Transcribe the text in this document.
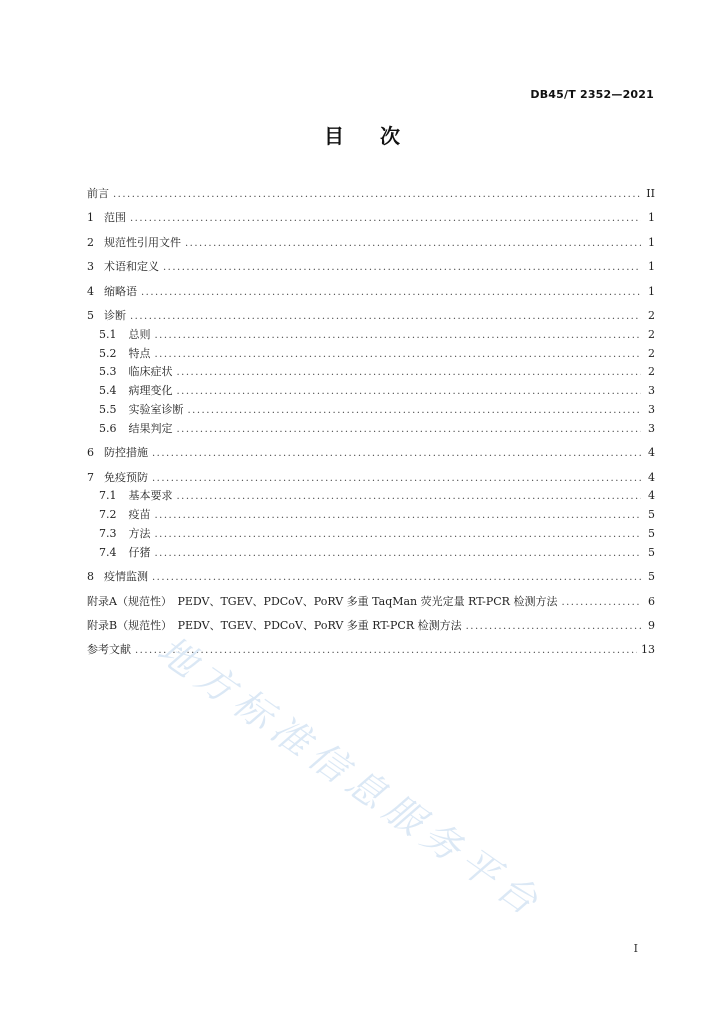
DB45/T 2352—2021
目次
前言 .....	II
1 范围 .....	1
2 规范性引用文件 .....	1
3 术语和定义 .....	1
4 缩略语 .....	1
5 诊断 .....	2
5.1 总则 .....	2
5.2 特点 .....	2
5.3 临床症状 .....	2
5.4 病理变化 .....	3
5.5 实验室诊断 .....	3
5.6 结果判定 .....	3
6 防控措施 .....	4
7 免疫预防 .....	4
7.1 基本要求 .....	4
7.2 疫苗 .....	5
7.3 方法 .....	5
7.4 仔猪 .....	5
8 疫情监测 .....	5
附录A（规范性）　PEDV、TGEV、PDCoV、PoRV 多重 TaqMan 荧光定量 RT-PCR 检测方法 .....	6
附录B（规范性）　PEDV、TGEV、PDCoV、PoRV 多重 RT-PCR 检测方法 .....	9
参考文献 .....	13
地方标准信息服务平台
I
